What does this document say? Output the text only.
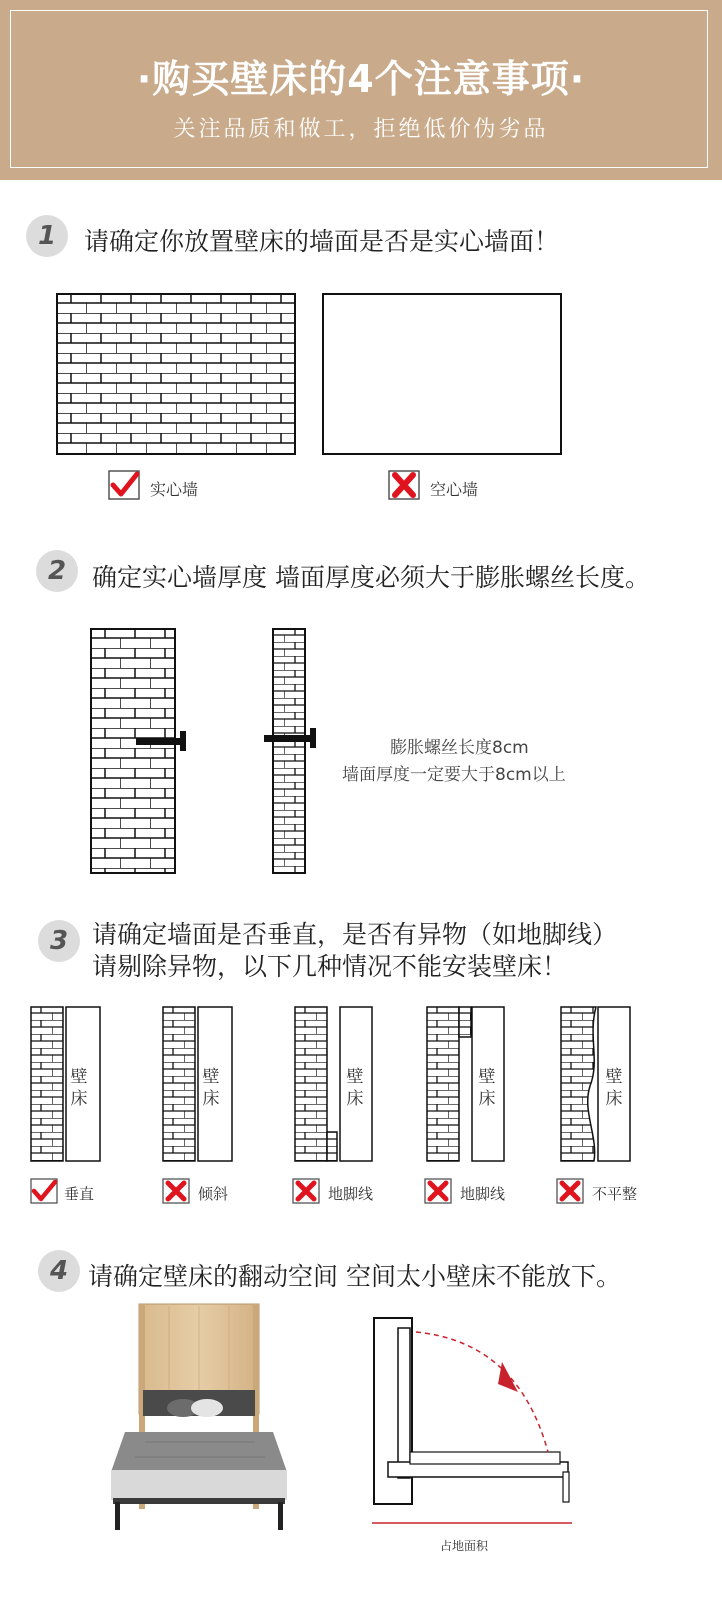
·购买壁床的4个注意事项·
关注品质和做工，拒绝低价伪劣品
1	请确定你放置壁床的墙面是否是实心墙面！
实心墙	空心墙
2	确定实心墙厚度 墙面厚度必须大于膨胀螺丝长度。
膨胀螺丝长度8cm
墙面厚度一定要大于8cm以上
3 请确定墙面是否垂直，是否有异物（如地脚线）
请剔除异物，以下几种情况不能安装壁床！
壁
床
壁
床
壁
床
壁
床
壁
床
垂直	倾斜	地脚线	地脚线	不平整
4 请确定壁床的翻动空间 空间太小壁床不能放下。
占地面积
